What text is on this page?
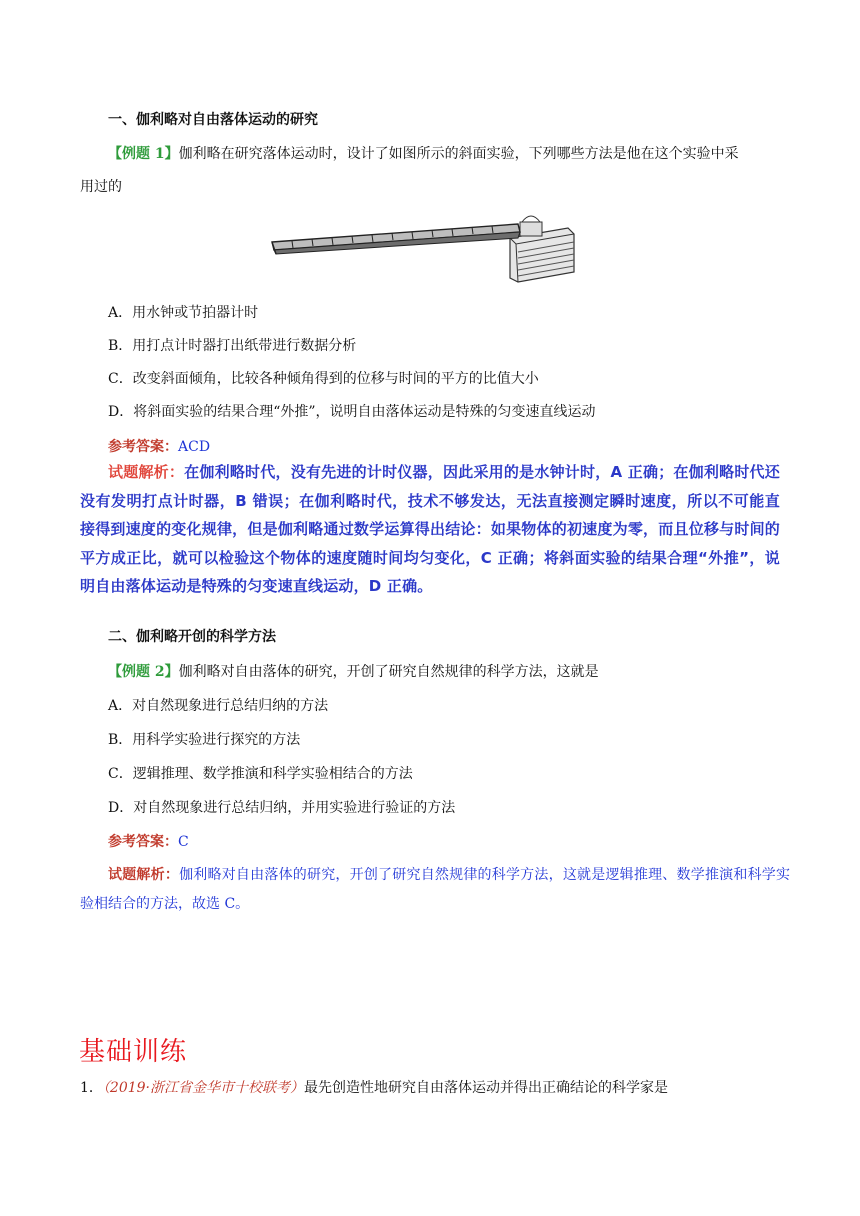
一、伽利略对自由落体运动的研究
【例题 1】伽利略在研究落体运动时，设计了如图所示的斜面实验，下列哪些方法是他在这个实验中采
用过的
A．用水钟或节拍器计时
B．用打点计时器打出纸带进行数据分析
C．改变斜面倾角，比较各种倾角得到的位移与时间的平方的比值大小
D．将斜面实验的结果合理“外推”，说明自由落体运动是特殊的匀变速直线运动
参考答案：ACD
试题解析：在伽利略时代，没有先进的计时仪器，因此采用的是水钟计时，A 正确；在伽利略时代还没有发明打点计时器，B 错误；在伽利略时代，技术不够发达，无法直接测定瞬时速度，所以不可能直接得到速度的变化规律，但是伽利略通过数学运算得出结论：如果物体的初速度为零，而且位移与时间的平方成正比，就可以检验这个物体的速度随时间均匀变化，C 正确；将斜面实验的结果合理“外推”，说明自由落体运动是特殊的匀变速直线运动，D 正确。
二、伽利略开创的科学方法
【例题 2】伽利略对自由落体的研究，开创了研究自然规律的科学方法，这就是
A．对自然现象进行总结归纳的方法
B．用科学实验进行探究的方法
C．逻辑推理、数学推演和科学实验相结合的方法
D．对自然现象进行总结归纳，并用实验进行验证的方法
参考答案：C
试题解析：伽利略对自由落体的研究，开创了研究自然规律的科学方法，这就是逻辑推理、数学推演和科学实验相结合的方法，故选 C。
基础训练
1．（2019·浙江省金华市十校联考）最先创造性地研究自由落体运动并得出正确结论的科学家是
